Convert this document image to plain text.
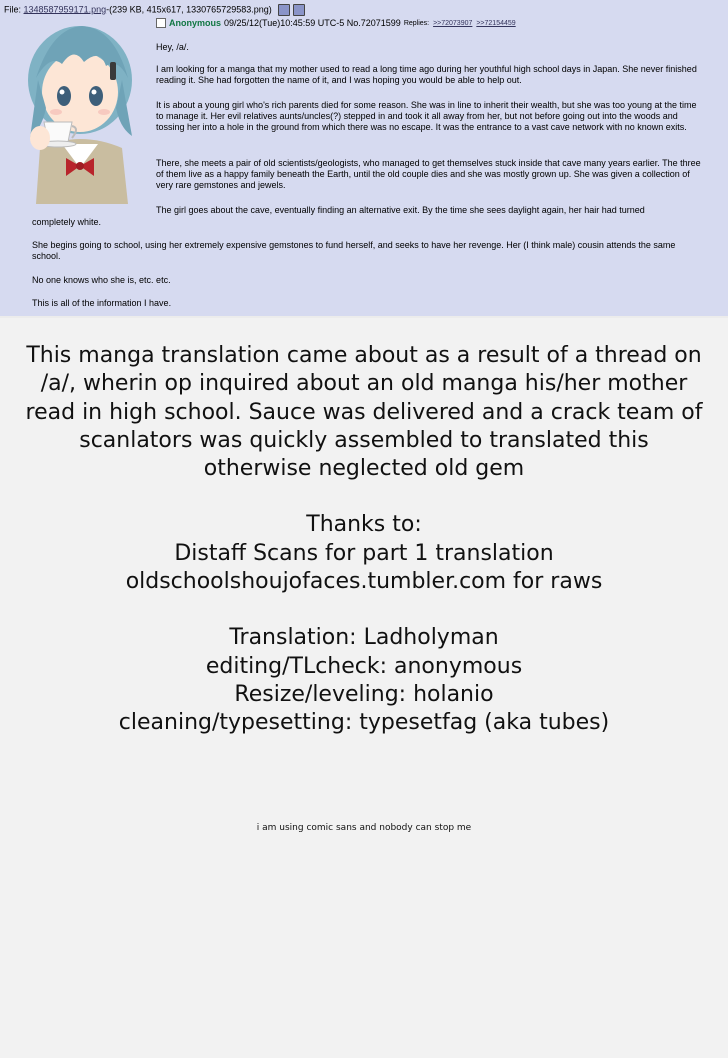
File: 1348587959171.png-(239 KB, 415x617, 1330765729583.png)
Anonymous 09/25/12(Tue)10:45:59 UTC-5 No.72071599 Replies: >>72073907 >>72154459
Hey, /a/.
I am looking for a manga that my mother used to read a long time ago during her youthful high school days in Japan. She never finished reading it. She had forgotten the name of it, and I was hoping you would be able to help out.
It is about a young girl who's rich parents died for some reason. She was in line to inherit their wealth, but she was too young at the time to manage it. Her evil relatives aunts/uncles(?) stepped in and took it all away from her, but not before going out into the woods and tossing her into a hole in the ground from which there was no escape. It was the entrance to a vast cave network with no known exits.
There, she meets a pair of old scientists/geologists, who managed to get themselves stuck inside that cave many years earlier. The three of them live as a happy family beneath the Earth, until the old couple dies and she was mostly grown up. She was given a collection of very rare gemstones and jewels.
The girl goes about the cave, eventually finding an alternative exit. By the time she sees daylight again, her hair had turned
completely white.
She begins going to school, using her extremely expensive gemstones to fund herself, and seeks to have her revenge. Her (I think male) cousin attends the same school.
No one knows who she is, etc. etc.
This is all of the information I have.
This manga translation came about as a result of a thread on
/a/, wherin op inquired about an old manga his/her mother
read in high school. Sauce was delivered and a crack team of
scanlators was quickly assembled to translated this
otherwise neglected old gem
Thanks to:
Distaff Scans for part 1 translation
oldschoolshoujofaces.tumbler.com for raws
Translation: Ladholyman
editing/TLcheck: anonymous
Resize/leveling: holanio
cleaning/typesetting: typesetfag (aka tubes)
i am using comic sans and nobody can stop me
